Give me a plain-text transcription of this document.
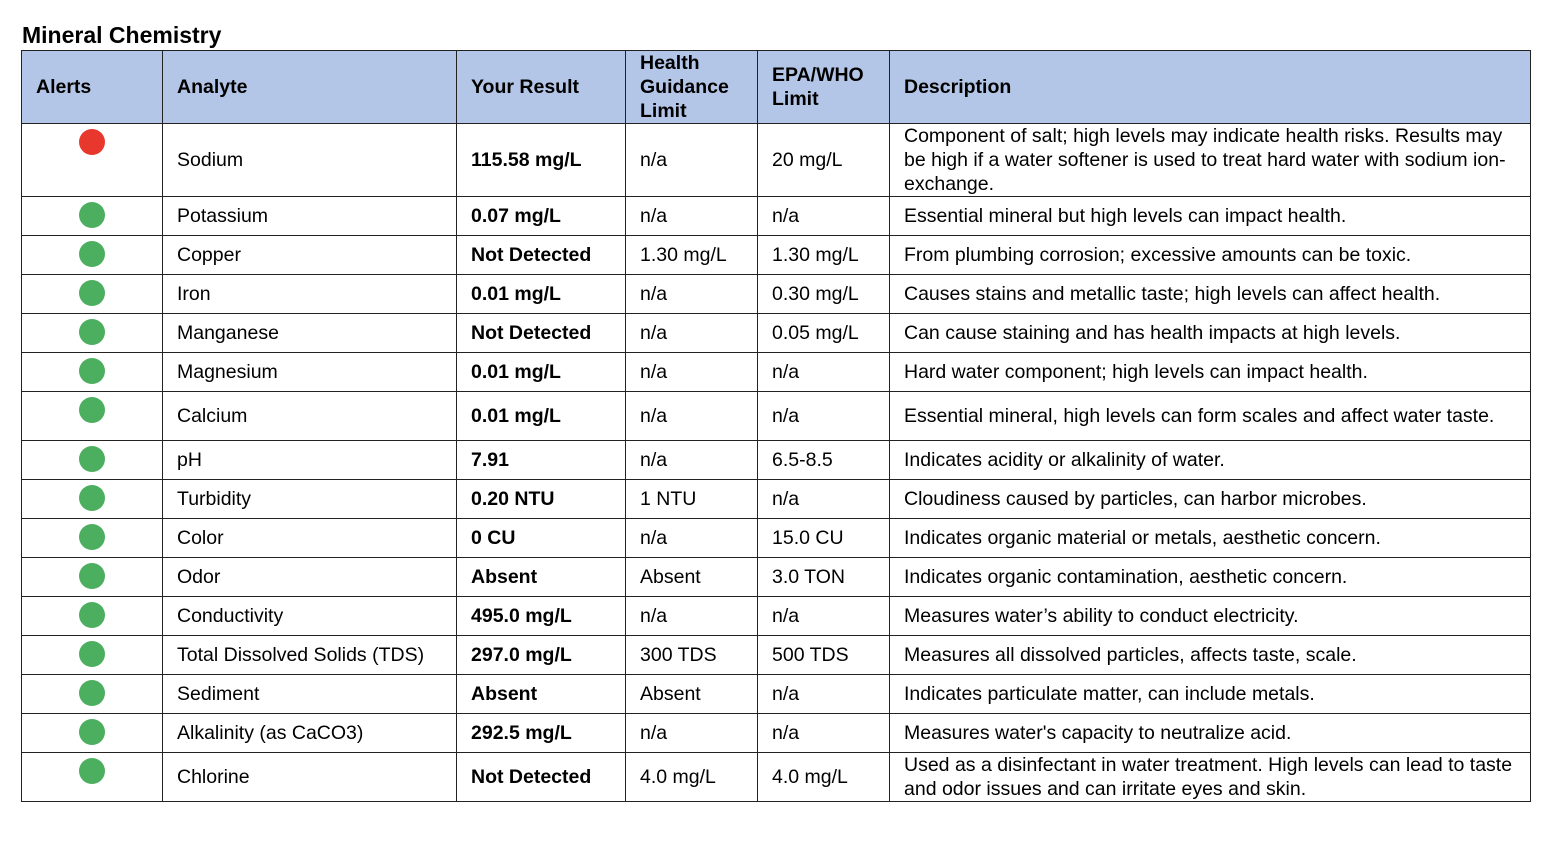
Mineral Chemistry
Alerts	Analyte	Your Result	Health Guidance Limit	EPA/WHO Limit	Description
	Sodium	115.58 mg/L	n/a	20 mg/L	Component of salt; high levels may indicate health risks. Results may be high if a water softener is used to treat hard water with sodium ion-exchange.
	Potassium	0.07 mg/L	n/a	n/a	Essential mineral but high levels can impact health.
	Copper	Not Detected	1.30 mg/L	1.30 mg/L	From plumbing corrosion; excessive amounts can be toxic.
	Iron	0.01 mg/L	n/a	0.30 mg/L	Causes stains and metallic taste; high levels can affect health.
	Manganese	Not Detected	n/a	0.05 mg/L	Can cause staining and has health impacts at high levels.
	Magnesium	0.01 mg/L	n/a	n/a	Hard water component; high levels can impact health.
	Calcium	0.01 mg/L	n/a	n/a	Essential mineral, high levels can form scales and affect water taste.
	pH	7.91	n/a	6.5-8.5	Indicates acidity or alkalinity of water.
	Turbidity	0.20 NTU	1 NTU	n/a	Cloudiness caused by particles, can harbor microbes.
	Color	0 CU	n/a	15.0 CU	Indicates organic material or metals, aesthetic concern.
	Odor	Absent	Absent	3.0 TON	Indicates organic contamination, aesthetic concern.
	Conductivity	495.0 mg/L	n/a	n/a	Measures water’s ability to conduct electricity.
	Total Dissolved Solids (TDS)	297.0 mg/L	300 TDS	500 TDS	Measures all dissolved particles, affects taste, scale.
	Sediment	Absent	Absent	n/a	Indicates particulate matter, can include metals.
	Alkalinity (as CaCO3)	292.5 mg/L	n/a	n/a	Measures water's capacity to neutralize acid.
	Chlorine	Not Detected	4.0 mg/L	4.0 mg/L	Used as a disinfectant in water treatment. High levels can lead to taste and odor issues and can irritate eyes and skin.
